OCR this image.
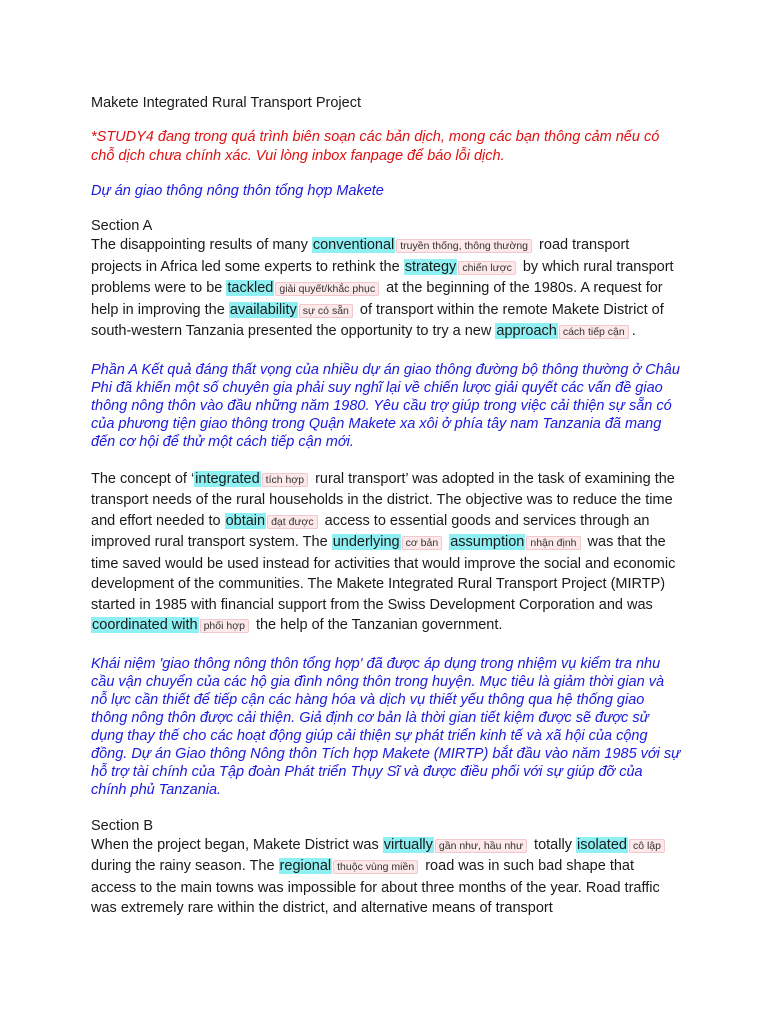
Makete Integrated Rural Transport Project

*STUDY4 đang trong quá trình biên soạn các bản dịch, mong các bạn thông cảm nếu có chỗ dịch chưa chính xác. Vui lòng inbox fanpage để báo lỗi dịch.

Dự án giao thông nông thôn tổng hợp Makete

Section A

The disappointing results of many conventional truyền thống, thông thường road transport projects in Africa led some experts to rethink the strategy chiến lược by which rural transport problems were to be tackled giải quyết/khắc phục at the beginning of the 1980s. A request for help in improving the availability sự có sẵn of transport within the remote Makete District of south-western Tanzania presented the opportunity to try a new approach cách tiếp cận .

Phần A Kết quả đáng thất vọng của nhiều dự án giao thông đường bộ thông thường ở Châu Phi đã khiến một số chuyên gia phải suy nghĩ lại về chiến lược giải quyết các vấn đề giao thông nông thôn vào đầu những năm 1980. Yêu cầu trợ giúp trong việc cải thiện sự sẵn có của phương tiện giao thông trong Quận Makete xa xôi ở phía tây nam Tanzania đã mang đến cơ hội để thử một cách tiếp cận mới.

The concept of ‘integrated tích hợp rural transport’ was adopted in the task of examining the transport needs of the rural households in the district. The objective was to reduce the time and effort needed to obtain đạt được access to essential goods and services through an improved rural transport system. The underlying cơ bản assumption nhận định was that the time saved would be used instead for activities that would improve the social and economic development of the communities. The Makete Integrated Rural Transport Project (MIRTP) started in 1985 with financial support from the Swiss Development Corporation and was coordinated with phối hợp the help of the Tanzanian government.

Khái niệm 'giao thông nông thôn tổng hợp' đã được áp dụng trong nhiệm vụ kiểm tra nhu cầu vận chuyển của các hộ gia đình nông thôn trong huyện. Mục tiêu là giảm thời gian và nỗ lực cần thiết để tiếp cận các hàng hóa và dịch vụ thiết yếu thông qua hệ thống giao thông nông thôn được cải thiện. Giả định cơ bản là thời gian tiết kiệm được sẽ được sử dụng thay thế cho các hoạt động giúp cải thiện sự phát triển kinh tế và xã hội của cộng đồng. Dự án Giao thông Nông thôn Tích hợp Makete (MIRTP) bắt đầu vào năm 1985 với sự hỗ trợ tài chính của Tập đoàn Phát triển Thụy Sĩ và được điều phối với sự giúp đỡ của chính phủ Tanzania.

Section B

When the project began, Makete District was virtually gần như, hầu như totally isolated cô lập during the rainy season. The regional thuộc vùng miền road was in such bad shape that access to the main towns was impossible for about three months of the year. Road traffic was extremely rare within the district, and alternative means of transport
